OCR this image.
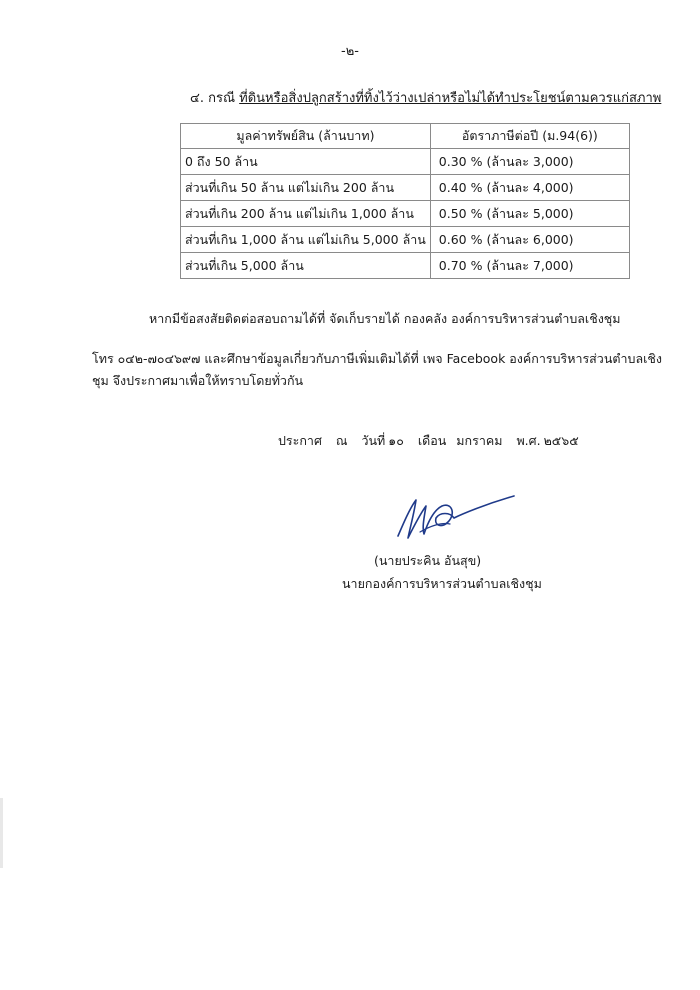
-๒-
๔. กรณี ที่ดินหรือสิ่งปลูกสร้างที่ทิ้งไว้ว่างเปล่าหรือไม่ได้ทำประโยชน์ตามควรแก่สภาพ
มูลค่าทรัพย์สิน (ล้านบาท)	อัตราภาษีต่อปี (ม.94(6))
0 ถึง 50 ล้าน	0.30 % (ล้านละ 3,000)
ส่วนที่เกิน 50 ล้าน แต่ไม่เกิน 200 ล้าน	0.40 % (ล้านละ 4,000)
ส่วนที่เกิน 200 ล้าน แต่ไม่เกิน 1,000 ล้าน	0.50 % (ล้านละ 5,000)
ส่วนที่เกิน 1,000 ล้าน แต่ไม่เกิน 5,000 ล้าน	0.60 % (ล้านละ 6,000)
ส่วนที่เกิน 5,000 ล้าน	0.70 % (ล้านละ 7,000)
หากมีข้อสงสัยติดต่อสอบถามได้ที่ จัดเก็บรายได้ กองคลัง องค์การบริหารส่วนตำบลเชิงชุม
โทร ๐๔๒-๗๐๔๖๙๗ และศึกษาข้อมูลเกี่ยวกับภาษีเพิ่มเติมได้ที่ เพจ Facebook องค์การบริหารส่วนตำบลเชิง
ชุม จึงประกาศมาเพื่อให้ทราบโดยทั่วกัน
ประกาศ ณ วันที่ ๑๐ เดือน มกราคม พ.ศ. ๒๕๖๕
(นายประคิน อันสุข)
นายกองค์การบริหารส่วนตำบลเชิงชุม
